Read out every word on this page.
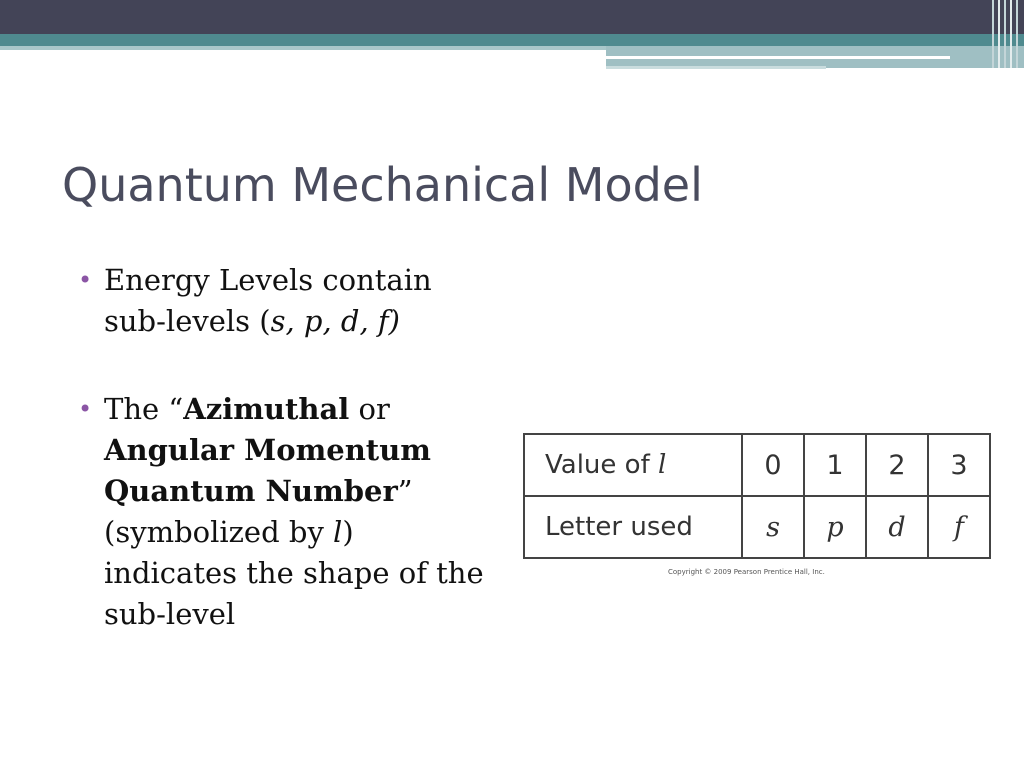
Quantum Mechanical Model
• Energy Levels contain
sub-levels (s, p, d, f)
• The “Azimuthal or
Angular Momentum
Quantum Number”
(symbolized by l)
indicates the shape of the
sub-level
Value of l	0	1	2	3
Letter used	s	p	d	f
Copyright © 2009 Pearson Prentice Hall, Inc.
